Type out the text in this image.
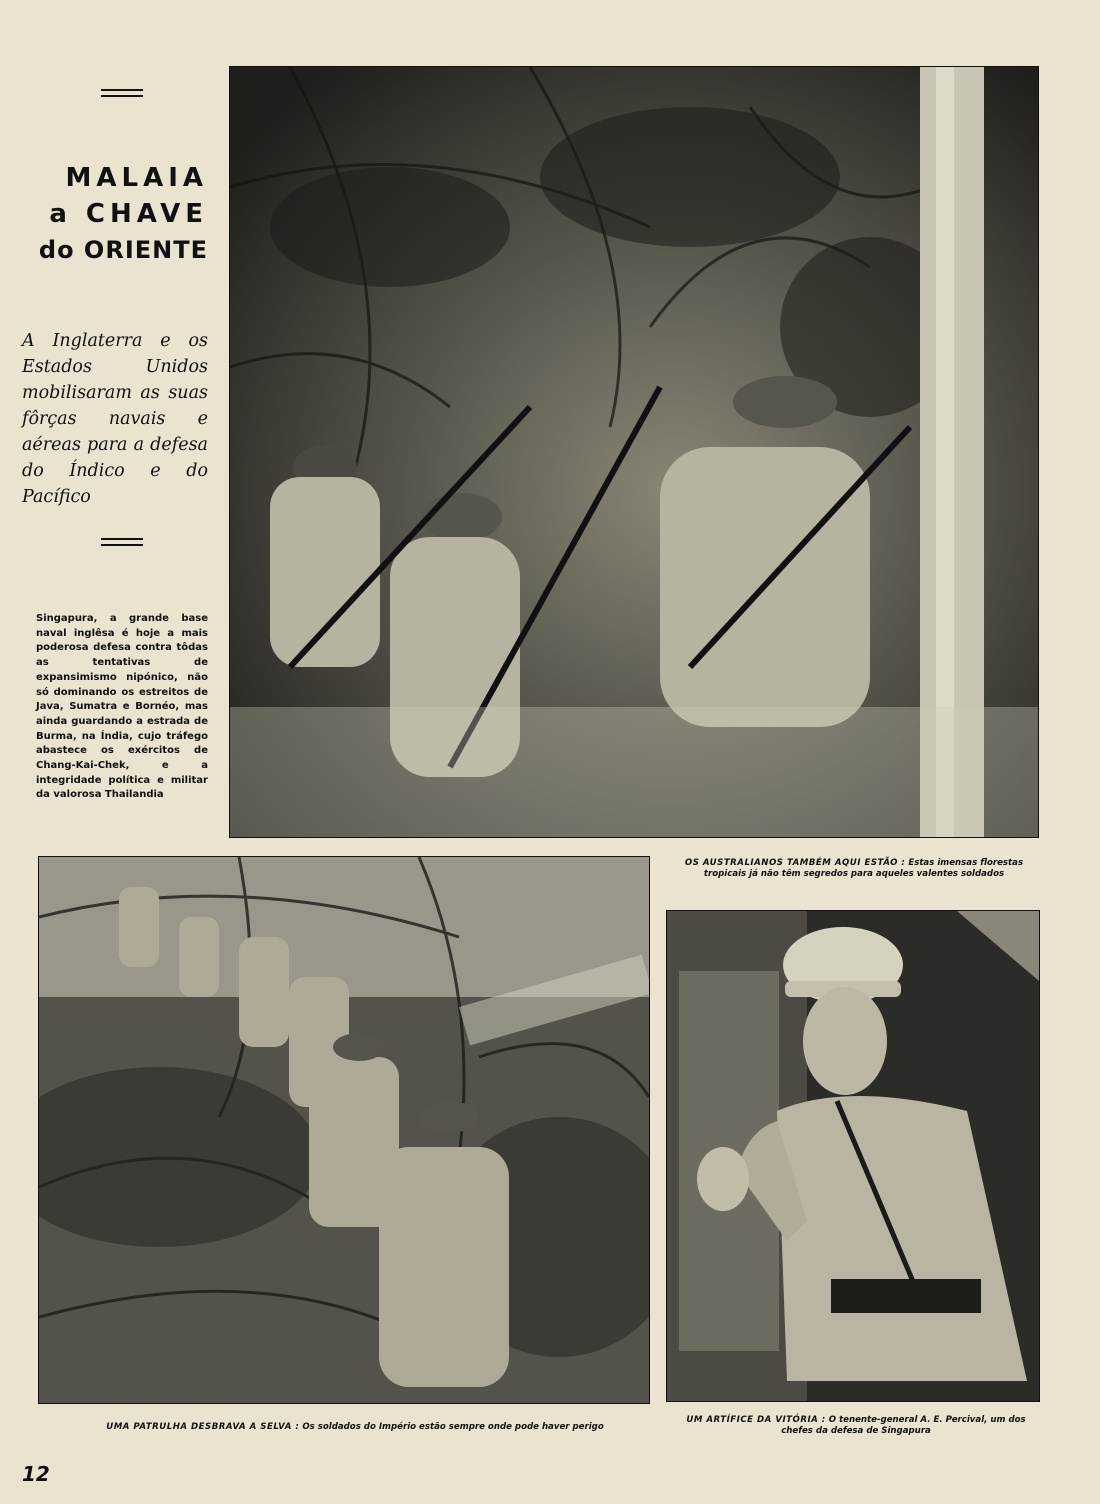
MALAIA
a CHAVE
do ORIENTE
A Inglaterra e os Estados Unidos mobilisaram as suas fôrças navais e aéreas para a defesa do Índico e do Pacífico
Singapura, a grande base naval inglêsa é hoje a mais poderosa defesa contra tôdas as tentativas de expansimismo nipónico, não só dominando os estreitos de Java, Sumatra e Bornéo, mas ainda guardando a estrada de Burma, na Índia, cujo tráfego abastece os exércitos de Chang-Kai-Chek, e a integridade política e militar da valorosa Thailandia
OS AUSTRALIANOS TAMBÉM AQUI ESTÃO : Estas imensas florestas tropicais já não têm segredos para aqueles valentes soldados
UMA PATRULHA DESBRAVA A SELVA : Os soldados do Império estão sempre onde pode haver perigo
UM ARTÍFICE DA VITÓRIA : O tenente-general A. E. Percival, um dos chefes da defesa de Singapura
12
